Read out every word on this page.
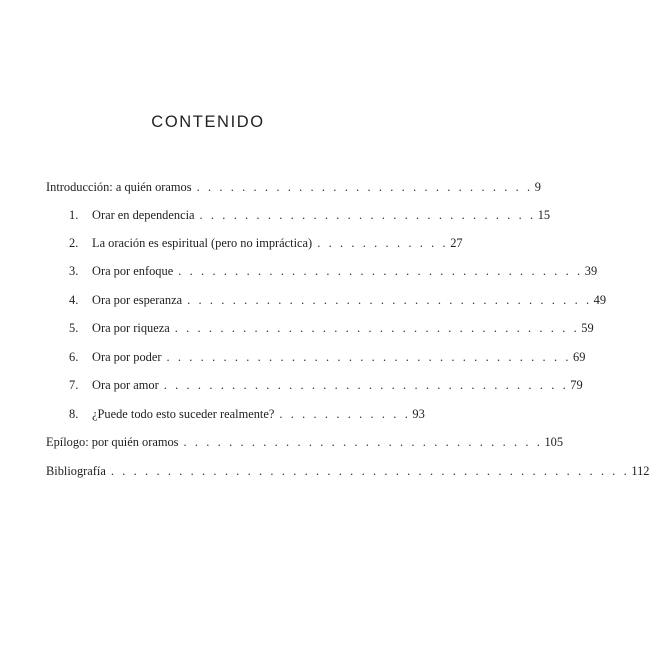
CONTENIDO
Introducción: a quién oramos . . . . . . . . . . . . . . . . . . . . . . . . . . . . . . 9
1.	Orar en dependencia . . . . . . . . . . . . . . . . . . . . . . . . . . . . . . 15
2.	La oración es espiritual (pero no impráctica) . . . . . . . . . . . . 27
3.	Ora por enfoque . . . . . . . . . . . . . . . . . . . . . . . . . . . . . . . . . . . . 39
4.	Ora por esperanza . . . . . . . . . . . . . . . . . . . . . . . . . . . . . . . . . . . . 49
5.	Ora por riqueza . . . . . . . . . . . . . . . . . . . . . . . . . . . . . . . . . . . . 59
6.	Ora por poder . . . . . . . . . . . . . . . . . . . . . . . . . . . . . . . . . . . . 69
7.	Ora por amor . . . . . . . . . . . . . . . . . . . . . . . . . . . . . . . . . . . . 79
8.	¿Puede todo esto suceder realmente? . . . . . . . . . . . . 93
Epílogo: por quién oramos . . . . . . . . . . . . . . . . . . . . . . . . . . . . . . . . 105
Bibliografía . . . . . . . . . . . . . . . . . . . . . . . . . . . . . . . . . . . . . . . . . . . . . . 112
